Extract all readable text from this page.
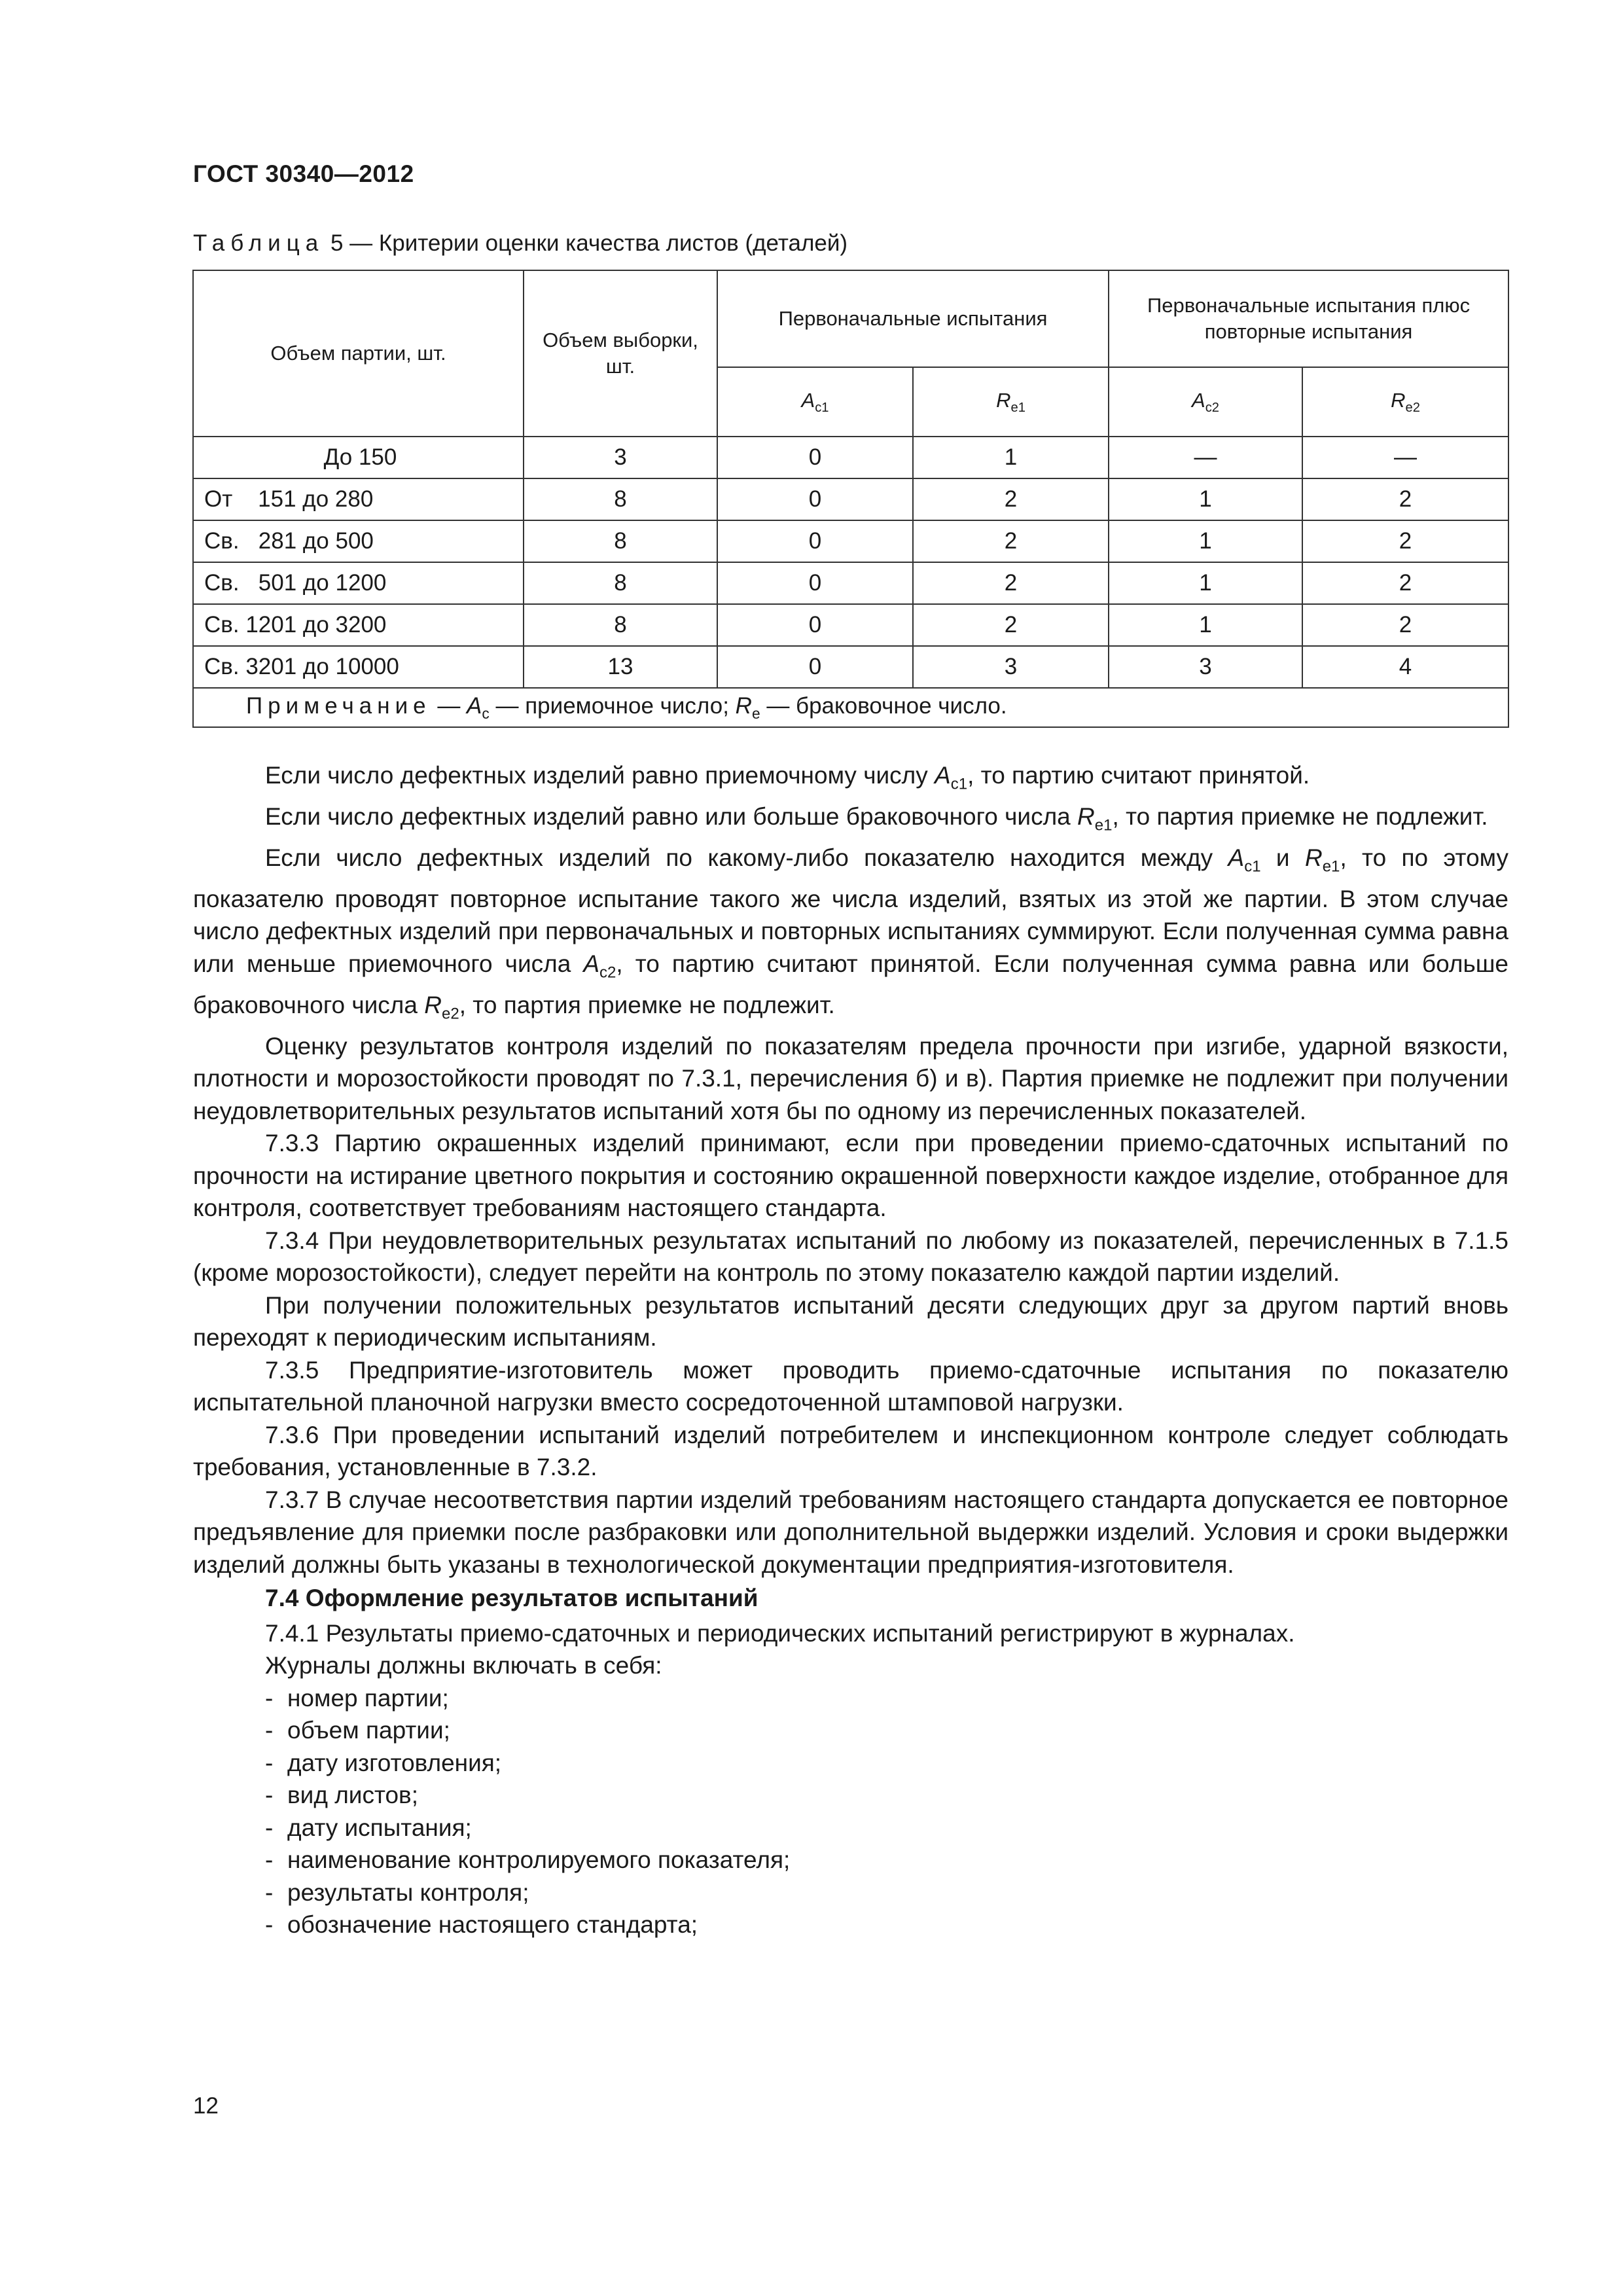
ГОСТ 30340—2012
Таблица 5 — Критерии оценки качества листов (деталей)
Объем партии, шт.	Объем выборки, шт.	Первоначальные испытания		Первоначальные испытания плюс повторные испытания	
		$A_{c1}$	$R_{e1}$	$A_{c2}$	$R_{e2}$
До 150	3	0	1	—	—
От    151 до 280	8	0	2	1	2
Св.   281 до 500	8	0	2	1	2
Св.   501 до 1200	8	0	2	1	2
Св. 1201 до 3200	8	0	2	1	2
Св. 3201 до 10000	13	0	3	3	4
Примечание — $A_c$ — приемочное число; $R_e$ — браковочное число.					

Если число дефектных изделий равно приемочному числу $A_{c1}$, то партию считают принятой.

Если число дефектных изделий равно или больше браковочного числа $R_{e1}$, то партия приемке не подлежит.

Если число дефектных изделий по какому-либо показателю находится между $A_{c1}$ и $R_{e1}$, то по этому показателю проводят повторное испытание такого же числа изделий, взятых из этой же партии. В этом случае число дефектных изделий при первоначальных и повторных испытаниях суммируют. Если полученная сумма равна или меньше приемочного числа $A_{c2}$, то партию считают принятой. Если полученная сумма равна или больше браковочного числа $R_{e2}$, то партия приемке не подлежит.

Оценку результатов контроля изделий по показателям предела прочности при изгибе, ударной вязкости, плотности и морозостойкости проводят по 7.3.1, перечисления б) и в). Партия приемке не подлежит при получении неудовлетворительных результатов испытаний хотя бы по одному из перечисленных показателей.

7.3.3 Партию окрашенных изделий принимают, если при проведении приемо-сдаточных испытаний по прочности на истирание цветного покрытия и состоянию окрашенной поверхности каждое изделие, отобранное для контроля, соответствует требованиям настоящего стандарта.

7.3.4 При неудовлетворительных результатах испытаний по любому из показателей, перечисленных в 7.1.5 (кроме морозостойкости), следует перейти на контроль по этому показателю каждой партии изделий.

При получении положительных результатов испытаний десяти следующих друг за другом партий вновь переходят к периодическим испытаниям.

7.3.5 Предприятие-изготовитель может проводить приемо-сдаточные испытания по показателю испытательной планочной нагрузки вместо сосредоточенной штамповой нагрузки.

7.3.6 При проведении испытаний изделий потребителем и инспекционном контроле следует соблюдать требования, установленные в 7.3.2.

7.3.7 В случае несоответствия партии изделий требованиям настоящего стандарта допускается ее повторное предъявление для приемки после разбраковки или дополнительной выдержки изделий. Условия и сроки выдержки изделий должны быть указаны в технологической документации предприятия-изготовителя.

7.4 Оформление результатов испытаний

7.4.1 Результаты приемо-сдаточных и периодических испытаний регистрируют в журналах.

Журналы должны включать в себя:

- номер партии;
- объем партии;
- дату изготовления;
- вид листов;
- дату испытания;
- наименование контролируемого показателя;
- результаты контроля;
- обозначение настоящего стандарта;
12
